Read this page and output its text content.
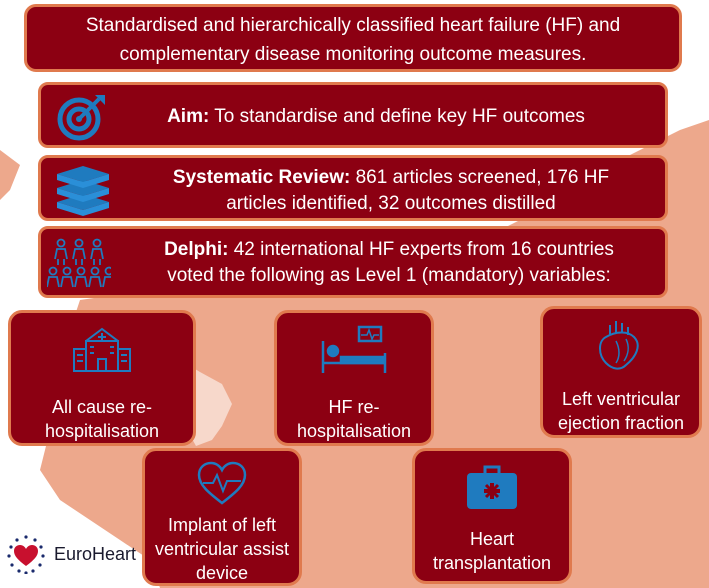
Standardised and hierarchically classified heart failure (HF) and
complementary disease monitoring outcome measures.
Aim: To standardise and define key HF outcomes
Systematic Review: 861 articles screened, 176 HF
articles identified, 32 outcomes distilled
Delphi: 42 international HF experts from 16 countries
voted the following as Level 1 (mandatory) variables:
All cause re-
hospitalisation
HF re-
hospitalisation
Left ventricular
ejection fraction
Implant of left
ventricular assist
device
Heart
transplantation
EuroHeart
